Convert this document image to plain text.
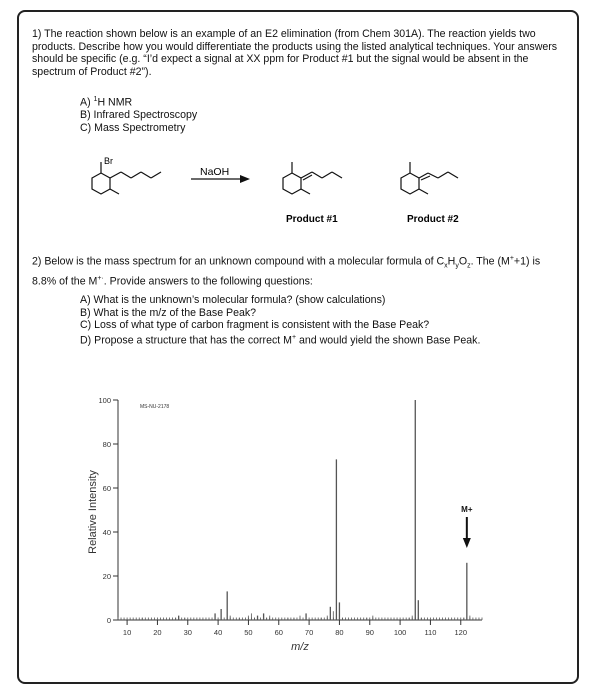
1) The reaction shown below is an example of an E2 elimination (from Chem 301A). The reaction yields two products. Describe how you would differentiate the products using the listed analytical techniques. Your answers should be specific (e.g. “I’d expect a signal at XX ppm for Product #1 but the signal would be absent in the spectrum of Product #2”).

A) $^1$H NMR
B) Infrared Spectroscopy
C) Mass Spectrometry
Br
NaOH
Product #1	Product #2

2) Below is the mass spectrum for an unknown compound with a molecular formula of $C_xH_yO_z$. The (M++1) is 8.8% of the M+·. Provide answers to the following questions:

A) What is the unknown’s molecular formula? (show calculations)
B) What is the m/z of the Base Peak?
C) Loss of what type of carbon fragment is consistent with the Base Peak?
D) Propose a structure that has the correct M+ and would yield the shown Base Peak.
0
20
40
60
80
100
10	20	30	40	50	60	70	80	90	100 110 120
MS-NU-2178
Relative Intensity
m/z
M+
